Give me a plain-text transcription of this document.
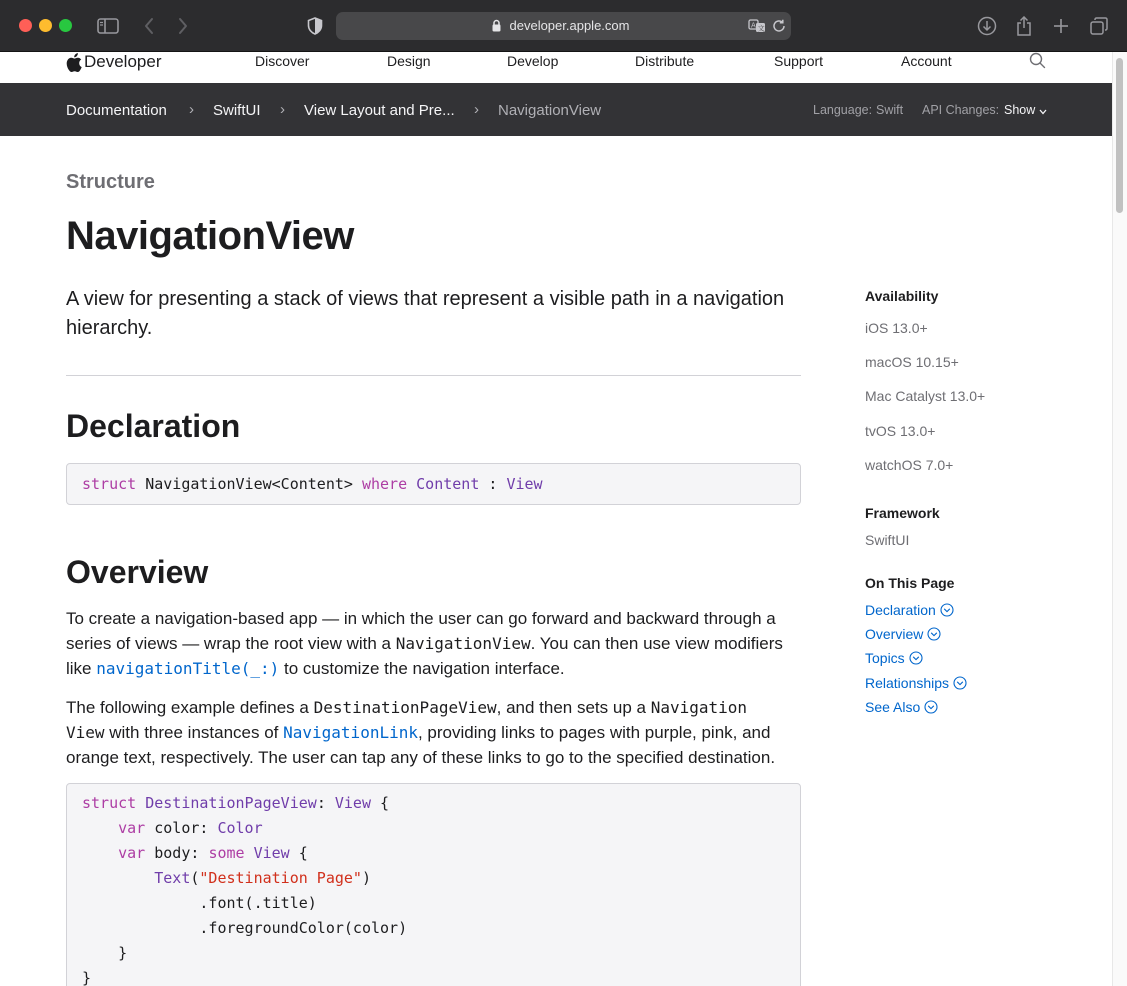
developer.apple.com	A 文
Developer	Discover	Design	Develop	Distribute	Support	Account
Documentation › SwiftUI › View Layout and Pre... › NavigationView	Language: Swift API Changes: Show
Structure
NavigationView
A view for presenting a stack of views that represent a visible path in a navigation hierarchy.
Declaration
struct NavigationView<Content> where Content : View
Overview
To create a navigation-based app — in which the user can go forward and backward through a series of views — wrap the root view with a NavigationView. You can then use view modifiers like navigationTitle(_:) to customize the navigation interface.
The following example defines a DestinationPageView, and then sets up a Navigation
View with three instances of NavigationLink, providing links to pages with purple, pink, and orange text, respectively. The user can tap any of these links to go to the specified destination.
struct DestinationPageView: View {
var color: Color
var body: some View {
Text("Destination Page")
.font(.title)
.foregroundColor(color)
}
}
Availability
iOS 13.0+
macOS 10.15+
Mac Catalyst 13.0+
tvOS 13.0+
watchOS 7.0+
Framework
SwiftUI
On This Page
Declaration
Overview
Topics
Relationships
See Also
